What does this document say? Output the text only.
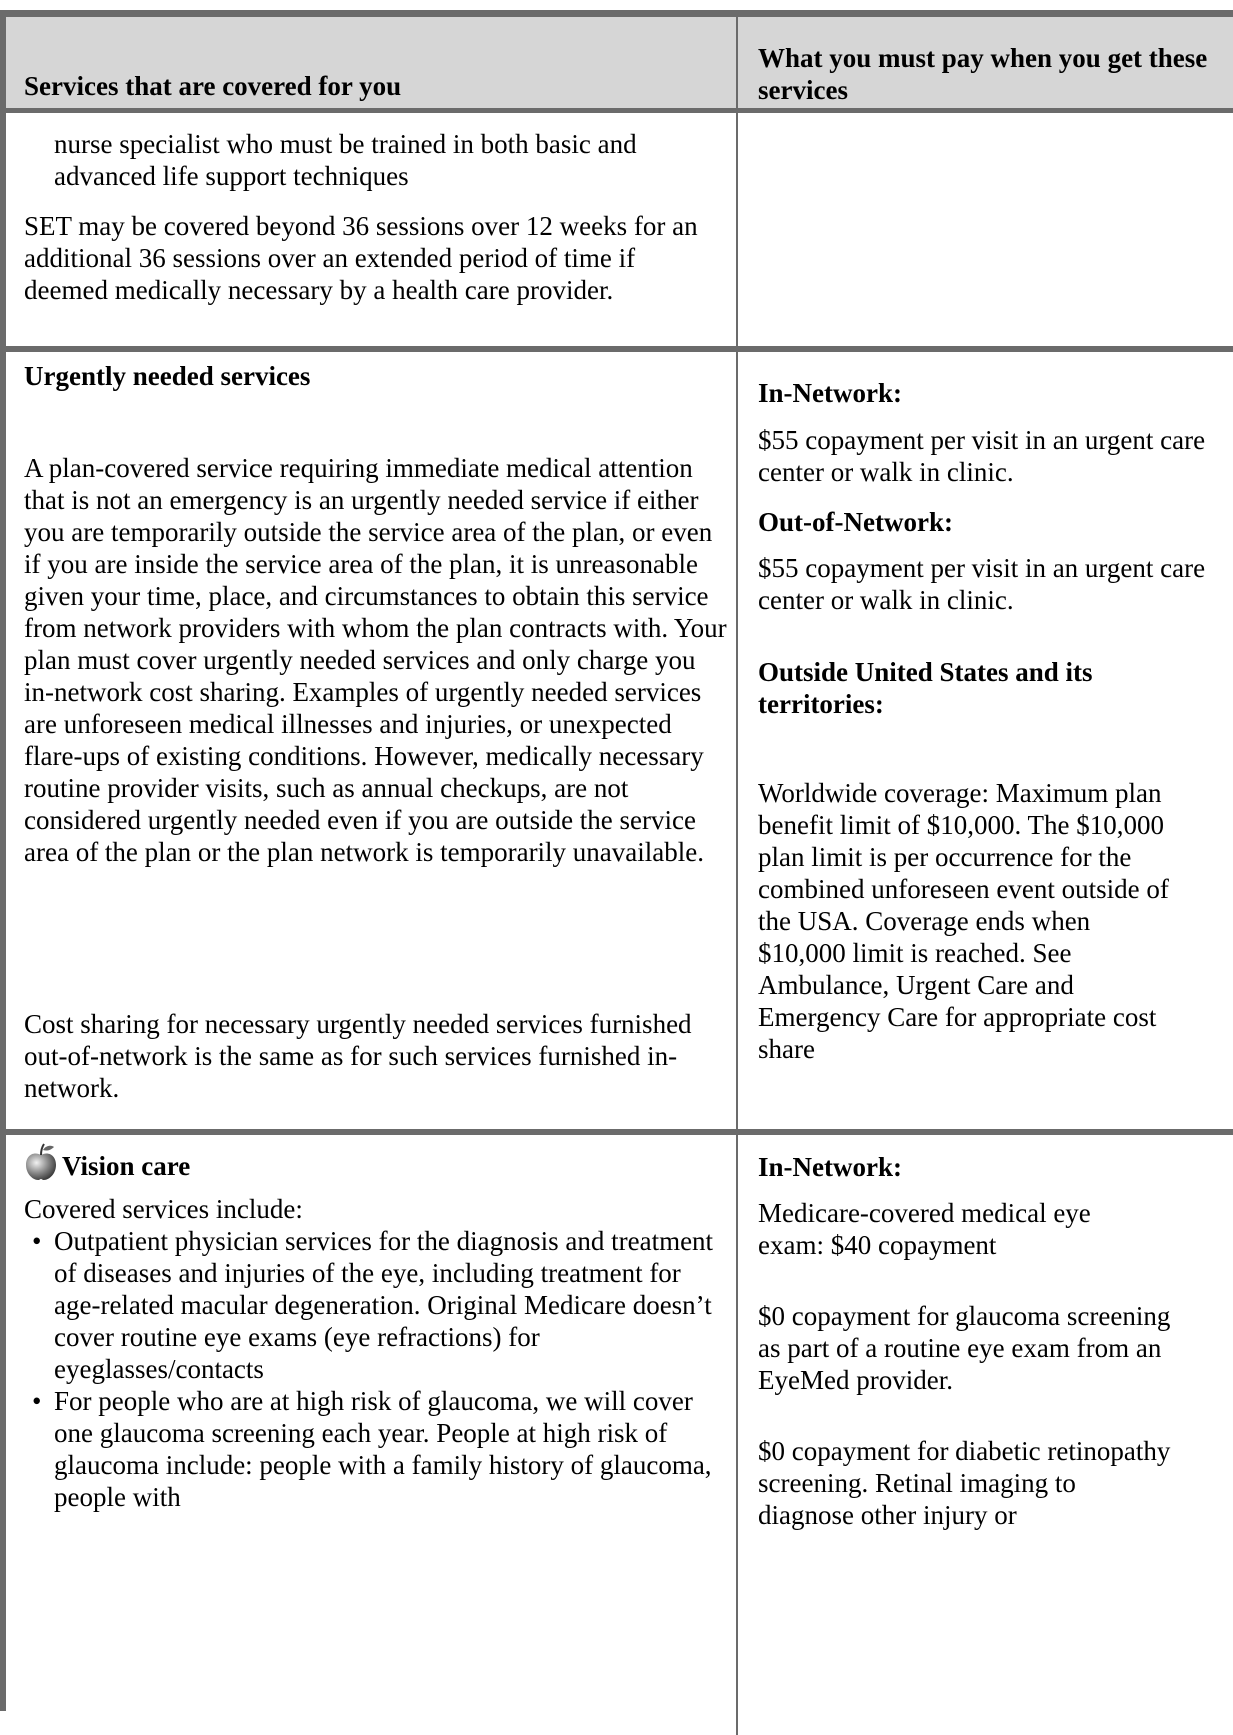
Services that are covered for you
What you must pay when you get these services

nurse specialist who must be trained in both basic and advanced life support techniques

SET may be covered beyond 36 sessions over 12 weeks for an additional 36 sessions over an extended period of time if deemed medically necessary by a health care provider.

Urgently needed services

A plan-covered service requiring immediate medical attention that is not an emergency is an urgently needed service if either you are temporarily outside the service area of the plan, or even if you are inside the service area of the plan, it is unreasonable given your time, place, and circumstances to obtain this service from network providers with whom the plan contracts with. Your plan must cover urgently needed services and only charge you in-network cost sharing. Examples of urgently needed services are unforeseen medical illnesses and injuries, or unexpected flare-ups of existing conditions. However, medically necessary routine provider visits, such as annual checkups, are not considered urgently needed even if you are outside the service area of the plan or the plan network is temporarily unavailable.

Cost sharing for necessary urgently needed services furnished out-of-network is the same as for such services furnished in-network.

In-Network:

$55 copayment per visit in an urgent care center or walk in clinic.

Out-of-Network:

$55 copayment per visit in an urgent care center or walk in clinic.

Outside United States and its territories:

Worldwide coverage: Maximum plan benefit limit of $10,000. The $10,000 plan limit is per occurrence for the combined unforeseen event outside of the USA. Coverage ends when $10,000 limit is reached. See Ambulance, Urgent Care and Emergency Care for appropriate cost share

Vision care

Covered services include:

• Outpatient physician services for the diagnosis and treatment of diseases and injuries of the eye, including treatment for age-related macular degeneration. Original Medicare doesn’t cover routine eye exams (eye refractions) for eyeglasses/contacts
• For people who are at high risk of glaucoma, we will cover one glaucoma screening each year. People at high risk of glaucoma include: people with a family history of glaucoma, people with

In-Network:

Medicare-covered medical eye exam: $40 copayment

$0 copayment for glaucoma screening as part of a routine eye exam from an EyeMed provider.

$0 copayment for diabetic retinopathy screening. Retinal imaging to diagnose other injury or
